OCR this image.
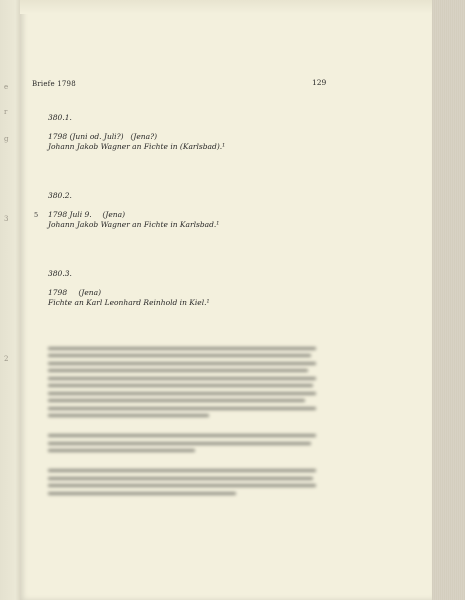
e
r
g
3
2
Briefe 1798	129
380.1.
1798 (Juni od. Juli?) (Jena?)
Johann Jakob Wagner an Fichte in (Karlsbad).¹
5
380.2.
1798 Juli 9. (Jena)
Johann Jakob Wagner an Fichte in Karlsbad.¹
380.3.
1798 (Jena)
Fichte an Karl Leonhard Reinhold in Kiel.¹
